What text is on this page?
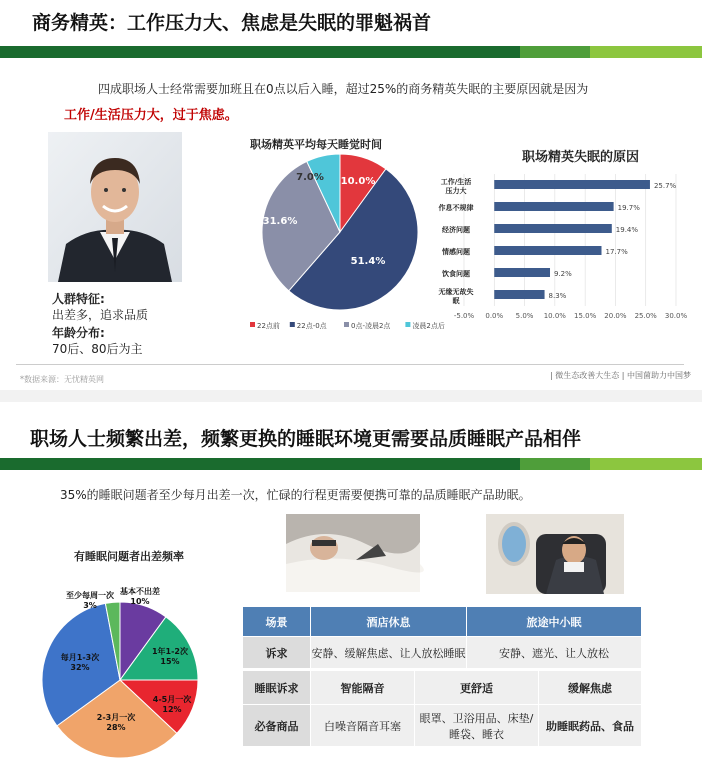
商务精英：工作压力大、焦虑是失眠的罪魁祸首
四成职场人士经常需要加班且在0点以后入睡，超过25%的商务精英失眠的主要原因就是因为
工作/生活压力大，过于焦虑。
人群特征:
出差多，追求品质
年龄分布:
70后、80后为主
职场精英平均每天睡觉时间
10.0%
51.4%
31.6%
7.0%
22点前 22点-0点	0点-凌晨2点	凌晨2点后
职场精英失眠的原因
-5.0% 0.0% 5.0% 10.0% 15.0% 20.0% 25.0% 30.0%
25.7%
工作/生活
压力大
19.7%
作息不规律
19.4%
经济问题
17.7%
情感问题
9.2%
饮食问题
8.3%
无缘无故失
眠
*数据来源：无忧精英网	| 微生态改善大生态 | 中国菌助力中国梦
职场人士频繁出差，频繁更换的睡眠环境更需要品质睡眠产品相伴
35%的睡眠问题者至少每月出差一次，忙碌的行程更需要便携可靠的品质睡眠产品助眠。
有睡眠问题者出差频率
基本不出差
10%
1年1-2次
15%
4-5月一次
12%
2-3月一次
28%
每月1-3次
32%
至少每周一次
3%
场景	酒店休息	旅途中小眠
诉求	安静、缓解焦虑、让人放松睡眠	安静、遮光、让人放松
睡眠诉求	智能隔音	更舒适	缓解焦虑
必备商品	白噪音隔音耳塞	眼罩、卫浴用品、床垫/睡袋、睡衣	助睡眠药品、食品
